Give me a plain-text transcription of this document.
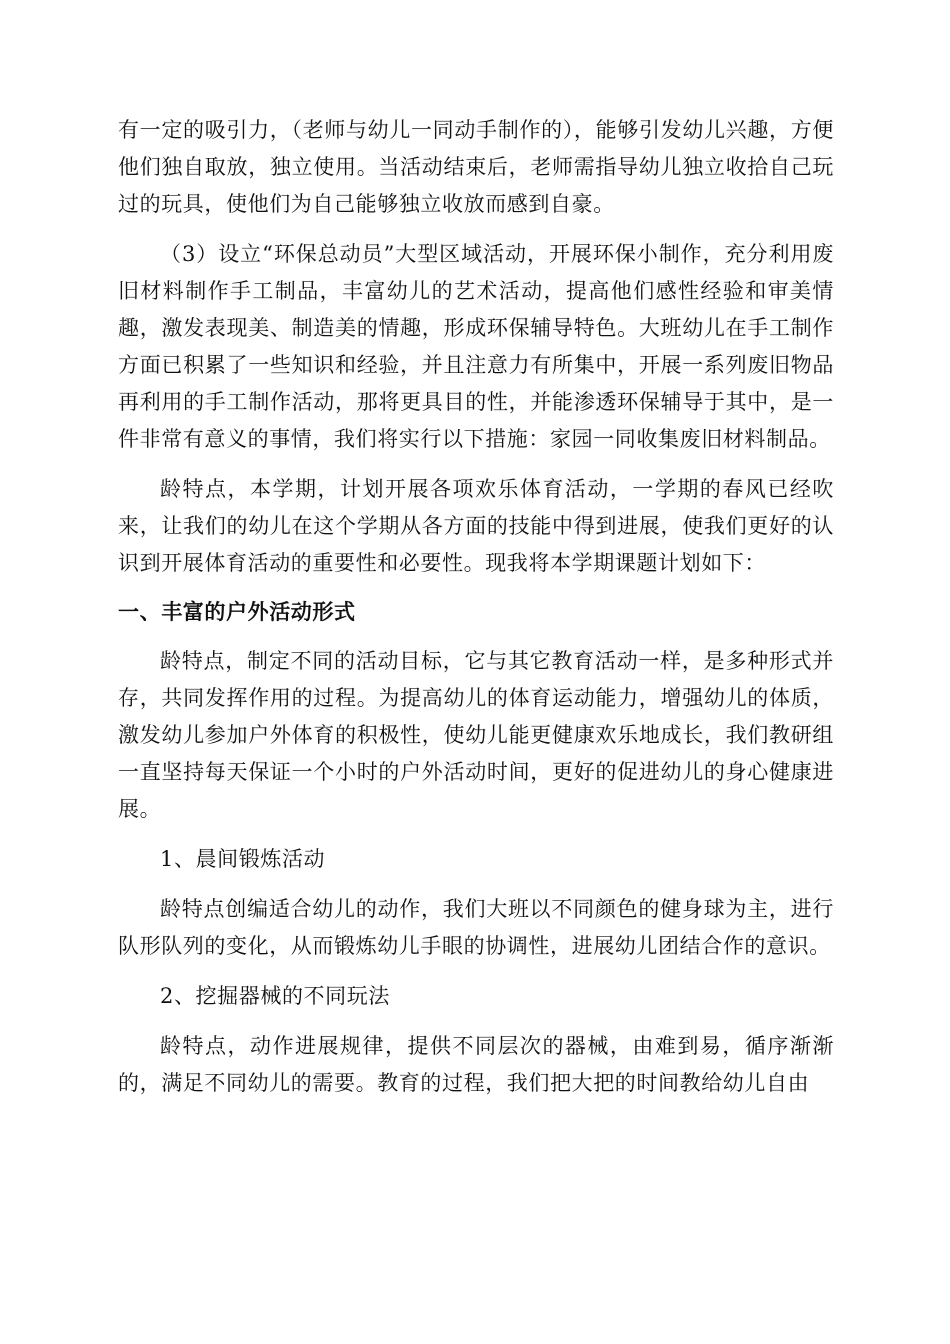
有一定的吸引力，（老师与幼儿一同动手制作的），能够引发幼儿兴趣，方便他们独自取放，独立使用。当活动结束后，老师需指导幼儿独立收拾自己玩过的玩具，使他们为自己能够独立收放而感到自豪。

（3）设立“环保总动员”大型区域活动，开展环保小制作，充分利用废旧材料制作手工制品，丰富幼儿的艺术活动，提高他们感性经验和审美情趣，激发表现美、制造美的情趣，形成环保辅导特色。大班幼儿在手工制作方面已积累了一些知识和经验，并且注意力有所集中，开展一系列废旧物品再利用的手工制作活动，那将更具目的性，并能渗透环保辅导于其中，是一件非常有意义的事情，我们将实行以下措施：家园一同收集废旧材料制品。

龄特点，本学期，计划开展各项欢乐体育活动，一学期的春风已经吹来，让我们的幼儿在这个学期从各方面的技能中得到进展，使我们更好的认识到开展体育活动的重要性和必要性。现我将本学期课题计划如下：

一、丰富的户外活动形式

龄特点，制定不同的活动目标，它与其它教育活动一样，是多种形式并存，共同发挥作用的过程。为提高幼儿的体育运动能力，增强幼儿的体质，激发幼儿参加户外体育的积极性，使幼儿能更健康欢乐地成长，我们教研组一直坚持每天保证一个小时的户外活动时间，更好的促进幼儿的身心健康进展。

1、晨间锻炼活动

龄特点创编适合幼儿的动作，我们大班以不同颜色的健身球为主，进行队形队列的变化，从而锻炼幼儿手眼的协调性，进展幼儿团结合作的意识。

2、挖掘器械的不同玩法

龄特点，动作进展规律，提供不同层次的器械，由难到易，循序渐渐的，满足不同幼儿的需要。教育的过程，我们把大把的时间教给幼儿自由
